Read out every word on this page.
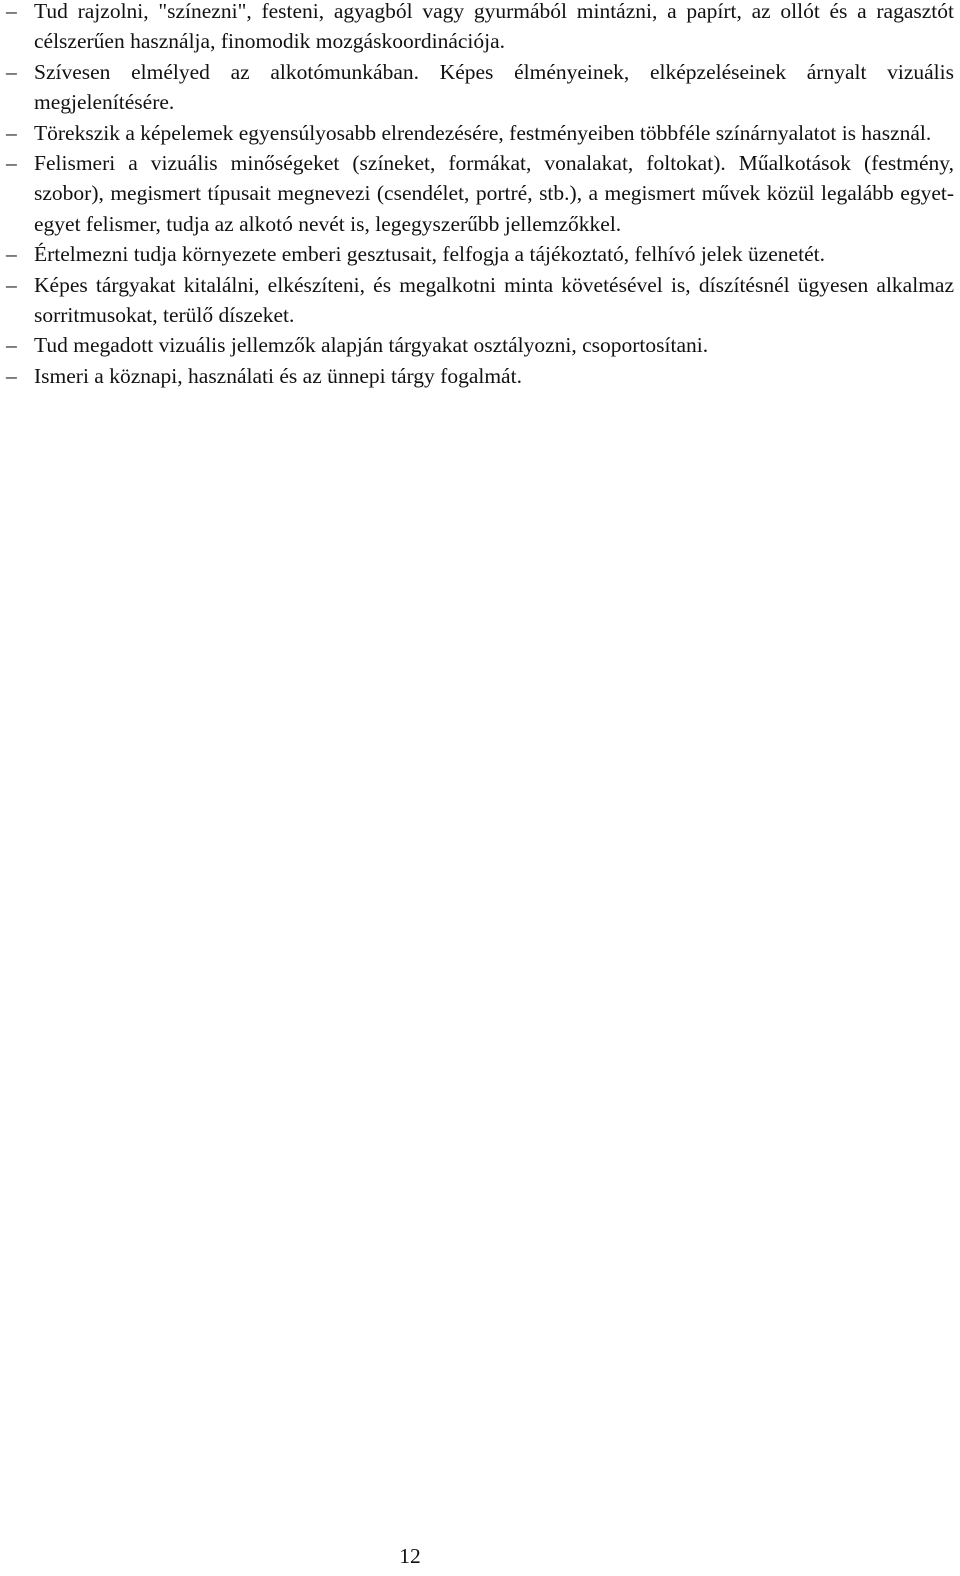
– Tud rajzolni, "színezni", festeni, agyagból vagy gyurmából mintázni, a papírt, az ollót és a ragasztót célszerűen használja, finomodik mozgáskoordinációja.
– Szívesen elmélyed az alkotómunkában. Képes élményeinek, elképzeléseinek árnyalt vizuális megjelenítésére.
– Törekszik a képelemek egyensúlyosabb elrendezésére, festményeiben többféle színárnyalatot is használ.
– Felismeri a vizuális minőségeket (színeket, formákat, vonalakat, foltokat). Műalkotások (festmény, szobor), megismert típusait megnevezi (csendélet, portré, stb.), a megismert művek közül legalább egyet-egyet felismer, tudja az alkotó nevét is, legegyszerűbb jellemzőkkel.
– Értelmezni tudja környezete emberi gesztusait, felfogja a tájékoztató, felhívó jelek üzenetét.
– Képes tárgyakat kitalálni, elkészíteni, és megalkotni minta követésével is, díszítésnél ügyesen alkalmaz sorritmusokat, terülő díszeket.
– Tud megadott vizuális jellemzők alapján tárgyakat osztályozni, csoportosítani.
– Ismeri a köznapi, használati és az ünnepi tárgy fogalmát.
12
